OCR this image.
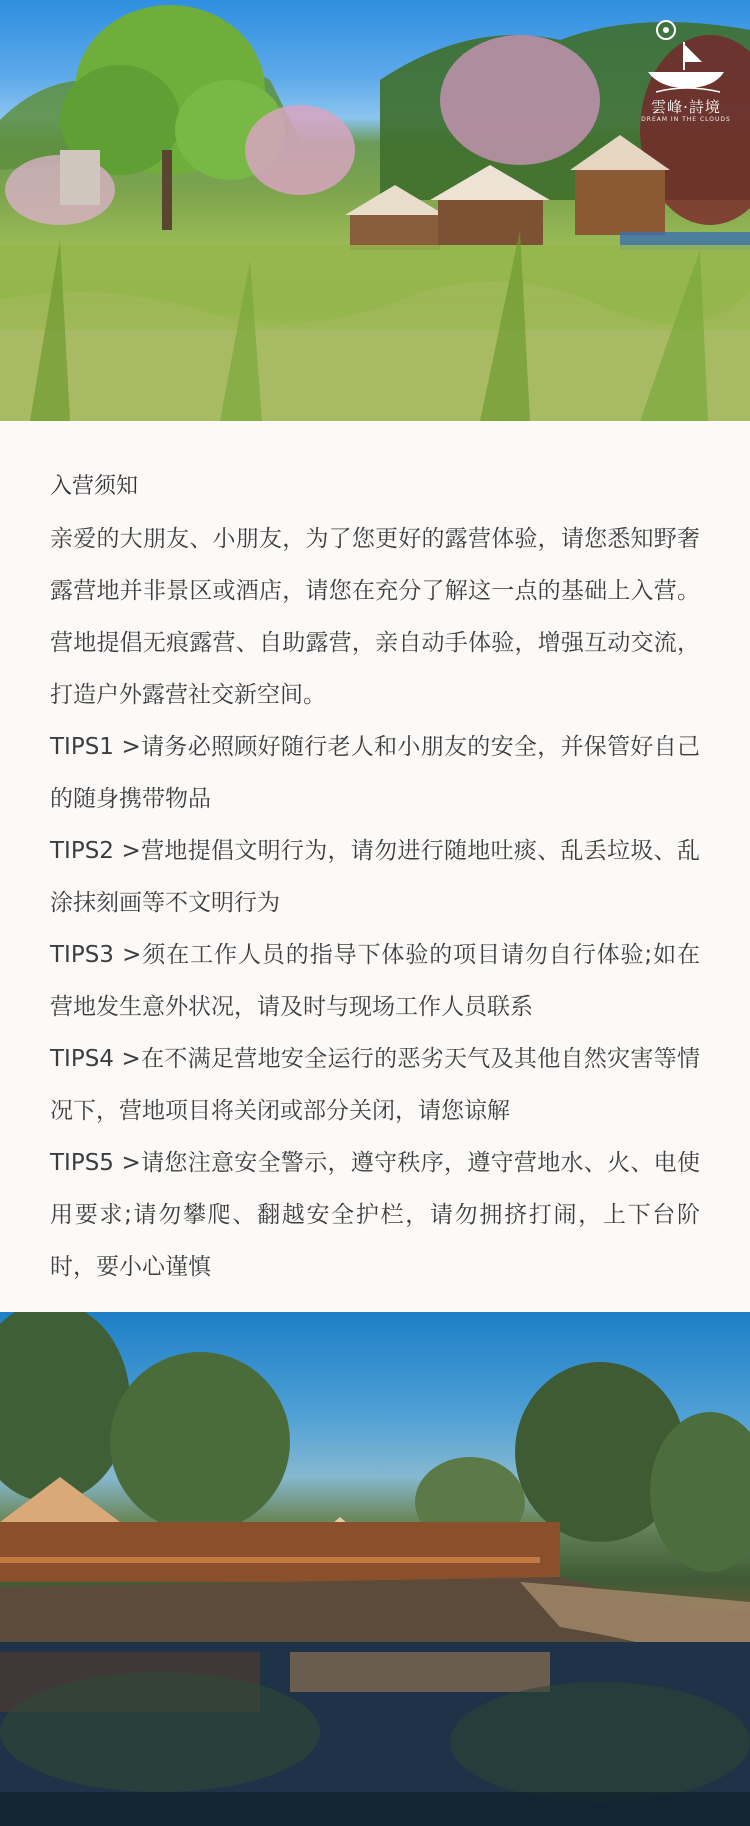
雲峰·詩境
DREAM IN THE CLOUDS
入营须知

亲爱的大朋友、小朋友，为了您更好的露营体验，请您悉知野奢露营地并非景区或酒店，请您在充分了解这一点的基础上入营。营地提倡无痕露营、自助露营，亲自动手体验，增强互动交流，打造户外露营社交新空间。

TIPS1 >请务必照顾好随行老人和小朋友的安全，并保管好自己的随身携带物品

TIPS2 >营地提倡文明行为，请勿进行随地吐痰、乱丢垃圾、乱涂抹刻画等不文明行为

TIPS3 >须在工作人员的指导下体验的项目请勿自行体验;如在营地发生意外状况，请及时与现场工作人员联系

TIPS4 >在不满足营地安全运行的恶劣天气及其他自然灾害等情况下，营地项目将关闭或部分关闭，请您谅解

TIPS5 >请您注意安全警示，遵守秩序，遵守营地水、火、电使用要求;请勿攀爬、翻越安全护栏，请勿拥挤打闹，上下台阶时，要小心谨慎
